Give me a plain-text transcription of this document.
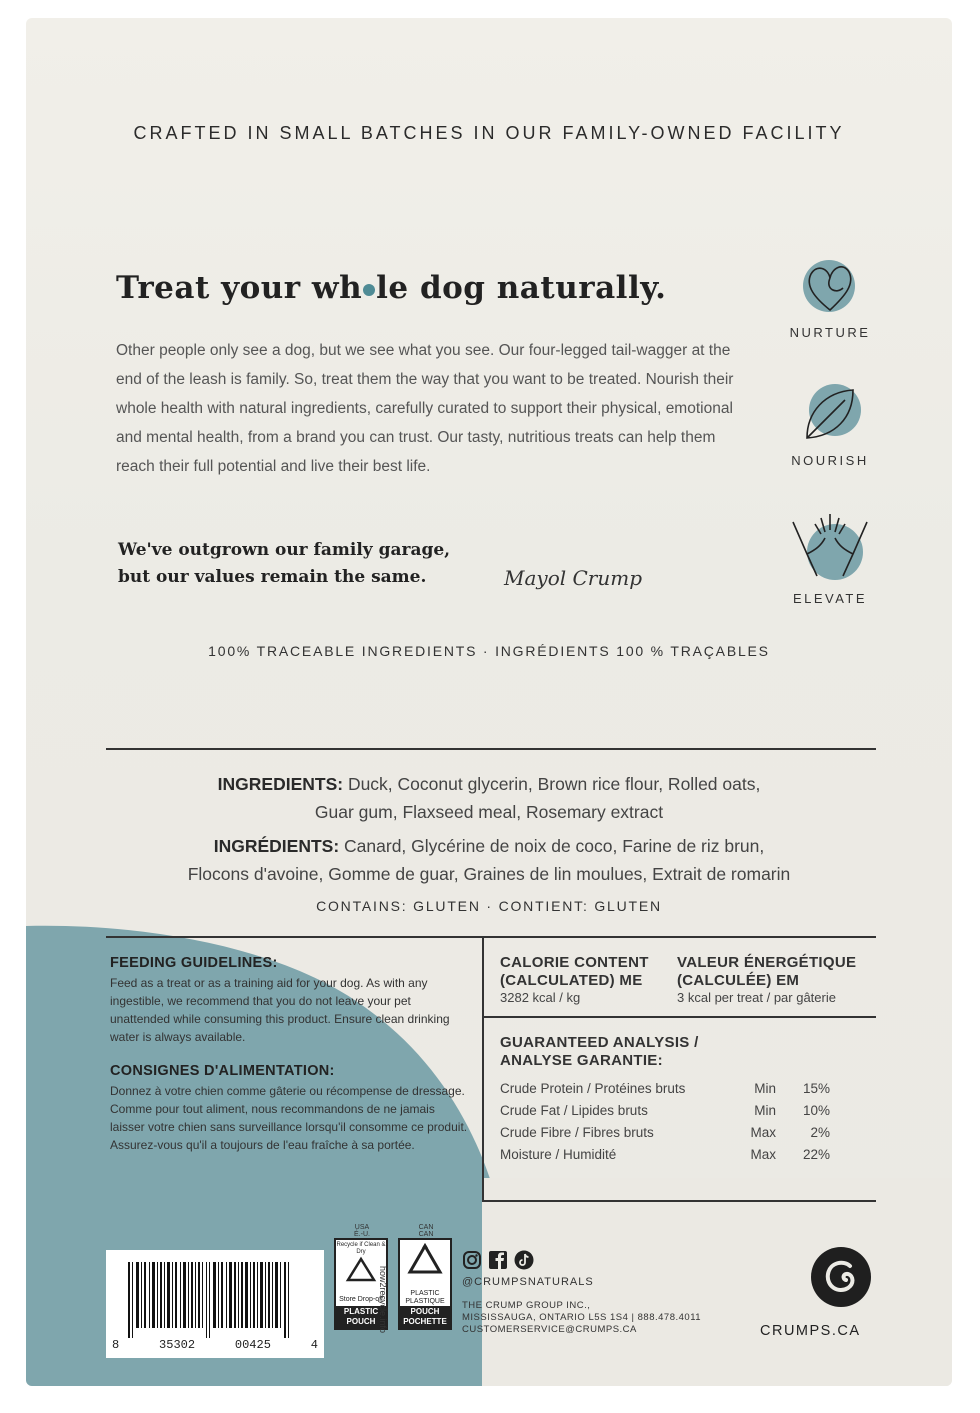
CRAFTED IN SMALL BATCHES IN OUR FAMILY-OWNED FACILITY
Treat your wh le dog naturally.
Other people only see a dog, but we see what you see. Our four-legged tail-wagger at the end of the leash is family. So, treat them the way that you want to be treated. Nourish their whole health with natural ingredients, carefully curated to support their physical, emotional and mental health, from a brand you can trust. Our tasty, nutritious treats can help them reach their full potential and live their best life.
We've outgrown our family garage,
but our values remain the same.	Mayol Crump
NURTURE
NOURISH
ELEVATE
100% TRACEABLE INGREDIENTS · INGRÉDIENTS 100 % TRAÇABLES
INGREDIENTS: Duck, Coconut glycerin, Brown rice flour, Rolled oats,
Guar gum, Flaxseed meal, Rosemary extract
INGRÉDIENTS: Canard, Glycérine de noix de coco, Farine de riz brun,
Flocons d'avoine, Gomme de guar, Graines de lin moulues, Extrait de romarin
CONTAINS: GLUTEN · CONTIENT: GLUTEN
FEEDING GUIDELINES:

Feed as a treat or as a training aid for your dog. As with any ingestible, we recommend that you do not leave your pet unattended while consuming this product. Ensure clean drinking water is always available.

CONSIGNES D'ALIMENTATION:

Donnez à votre chien comme gâterie ou récompense de dressage. Comme pour tout aliment, nous recommandons de ne jamais laisser votre chien sans surveillance lorsqu'il consomme ce produit. Assurez-vous qu'il a toujours de l'eau fraîche à sa portée.

CALORIE CONTENT
(CALCULATED) ME
3282 kcal / kg
VALEUR ÉNERGÉTIQUE
(CALCULÉE) EM
3 kcal per treat / par gâterie
GUARANTEED ANALYSIS /
ANALYSE GARANTIE:
Crude Protein / Protéines bruts	Min	15%
Crude Fat / Lipides bruts	Min	10%
Crude Fibre / Fibres bruts	Max	2%
Moisture / Humidité	Max	22%
8	35302	00425	4
USA
É.-U.
Recycle if Clean & Dry
Store Drop-off
PLASTIC
POUCH how2recycle.info
CAN
CAN
PLASTIC
PLASTIQUE
POUCH
POCHETTE
@CRUMPSNATURALS
THE CRUMP GROUP INC.,
MISSISSAUGA, ONTARIO L5S 1S4 | 888.478.4011
CUSTOMERSERVICE@CRUMPS.CA	CRUMPS.CA
